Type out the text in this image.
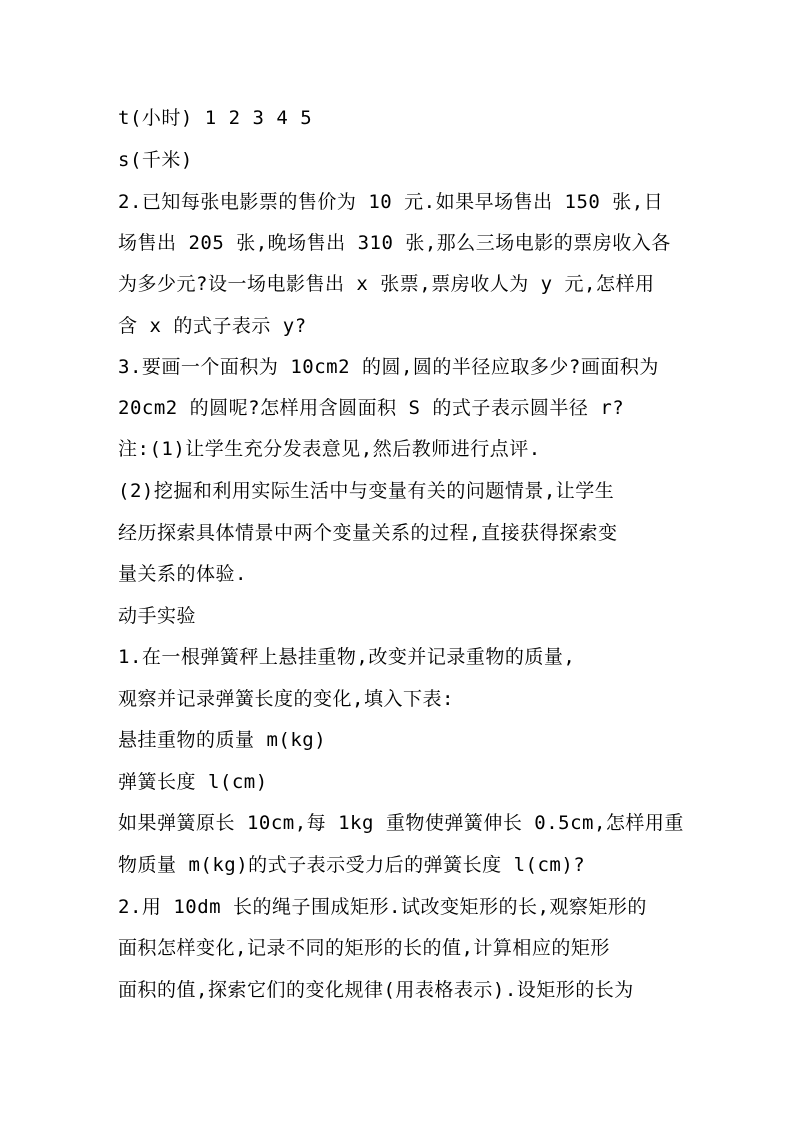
t(小时) 1 2 3 4 5
s(千米)
2.已知每张电影票的售价为 10 元.如果早场售出 150 张,日
场售出 205 张,晚场售出 310 张,那么三场电影的票房收入各
为多少元?设一场电影售出 x 张票,票房收人为 y 元,怎样用
含 x 的式子表示 y?
3.要画一个面积为 10cm2 的圆,圆的半径应取多少?画面积为
20cm2 的圆呢?怎样用含圆面积 S 的式子表示圆半径 r?
注:(1)让学生充分发表意见,然后教师进行点评.
(2)挖掘和利用实际生活中与变量有关的问题情景,让学生
经历探索具体情景中两个变量关系的过程,直接获得探索变
量关系的体验.
动手实验
1.在一根弹簧秤上悬挂重物,改变并记录重物的质量,
观察并记录弹簧长度的变化,填入下表:
悬挂重物的质量 m(kg)
弹簧长度 l(cm)
如果弹簧原长 10cm,每 1kg 重物使弹簧伸长 0.5cm,怎样用重
物质量 m(kg)的式子表示受力后的弹簧长度 l(cm)?
2.用 10dm 长的绳子围成矩形.试改变矩形的长,观察矩形的
面积怎样变化,记录不同的矩形的长的值,计算相应的矩形
面积的值,探索它们的变化规律(用表格表示).设矩形的长为
